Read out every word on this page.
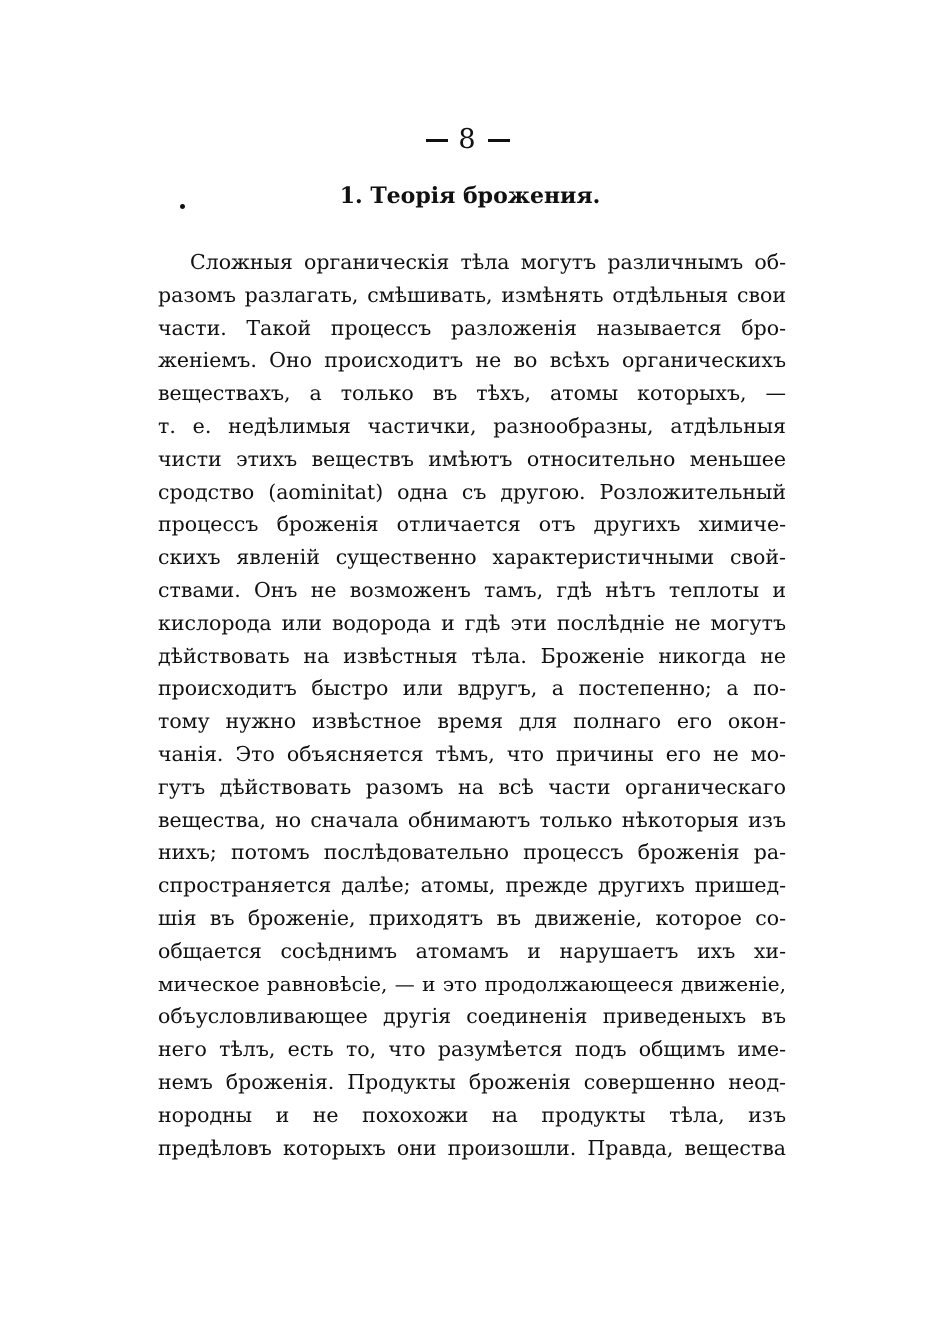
8
1. Теорія брожения.
Сложныя органическія тѣла могутъ различнымъ об-
разомъ разлагать, смѣшивать, измѣнять отдѣльныя свои
части. Такой процессъ разложенія называется бро-
женіемъ. Оно происходитъ не во всѣхъ органическихъ
веществахъ, а только въ тѣхъ, атомы которыхъ, —
т. е. недѣлимыя частички, разнообразны, атдѣльныя
чисти этихъ веществъ имѣютъ относительно меньшее
сродство (aominitat) одна съ другою. Розложительный
процессъ броженія отличается отъ другихъ химиче-
скихъ явленій существенно характеристичными свой-
ствами. Онъ не возможенъ тамъ, гдѣ нѣтъ теплоты и
кислорода или водорода и гдѣ эти послѣдніе не могутъ
дѣйствовать на извѣстныя тѣла. Броженіе никогда не
происходитъ быстро или вдругъ, а постепенно; а по-
тому нужно извѣстное время для полнаго его окон-
чанія. Это объясняется тѣмъ, что причины его не мо-
гутъ дѣйствовать разомъ на всѣ части органическаго
вещества, но сначала обнимаютъ только нѣкоторыя изъ
нихъ; потомъ послѣдовательно процессъ броженія ра-
спространяется далѣе; атомы, прежде другихъ пришед-
шія въ броженіе, приходятъ въ движеніе, которое со-
общается сосѣднимъ атомамъ и нарушаетъ ихъ хи-
мическое равновѣсіе, — и это продолжающееся движеніе,
объусловливающее другія соединенія приведеныхъ въ
него тѣлъ, есть то, что разумѣется подъ общимъ име-
немъ броженія. Продукты броженія совершенно неод-
нородны и не похохожи на продукты тѣла, изъ
предѣловъ которыхъ они произошли. Правда, вещества
